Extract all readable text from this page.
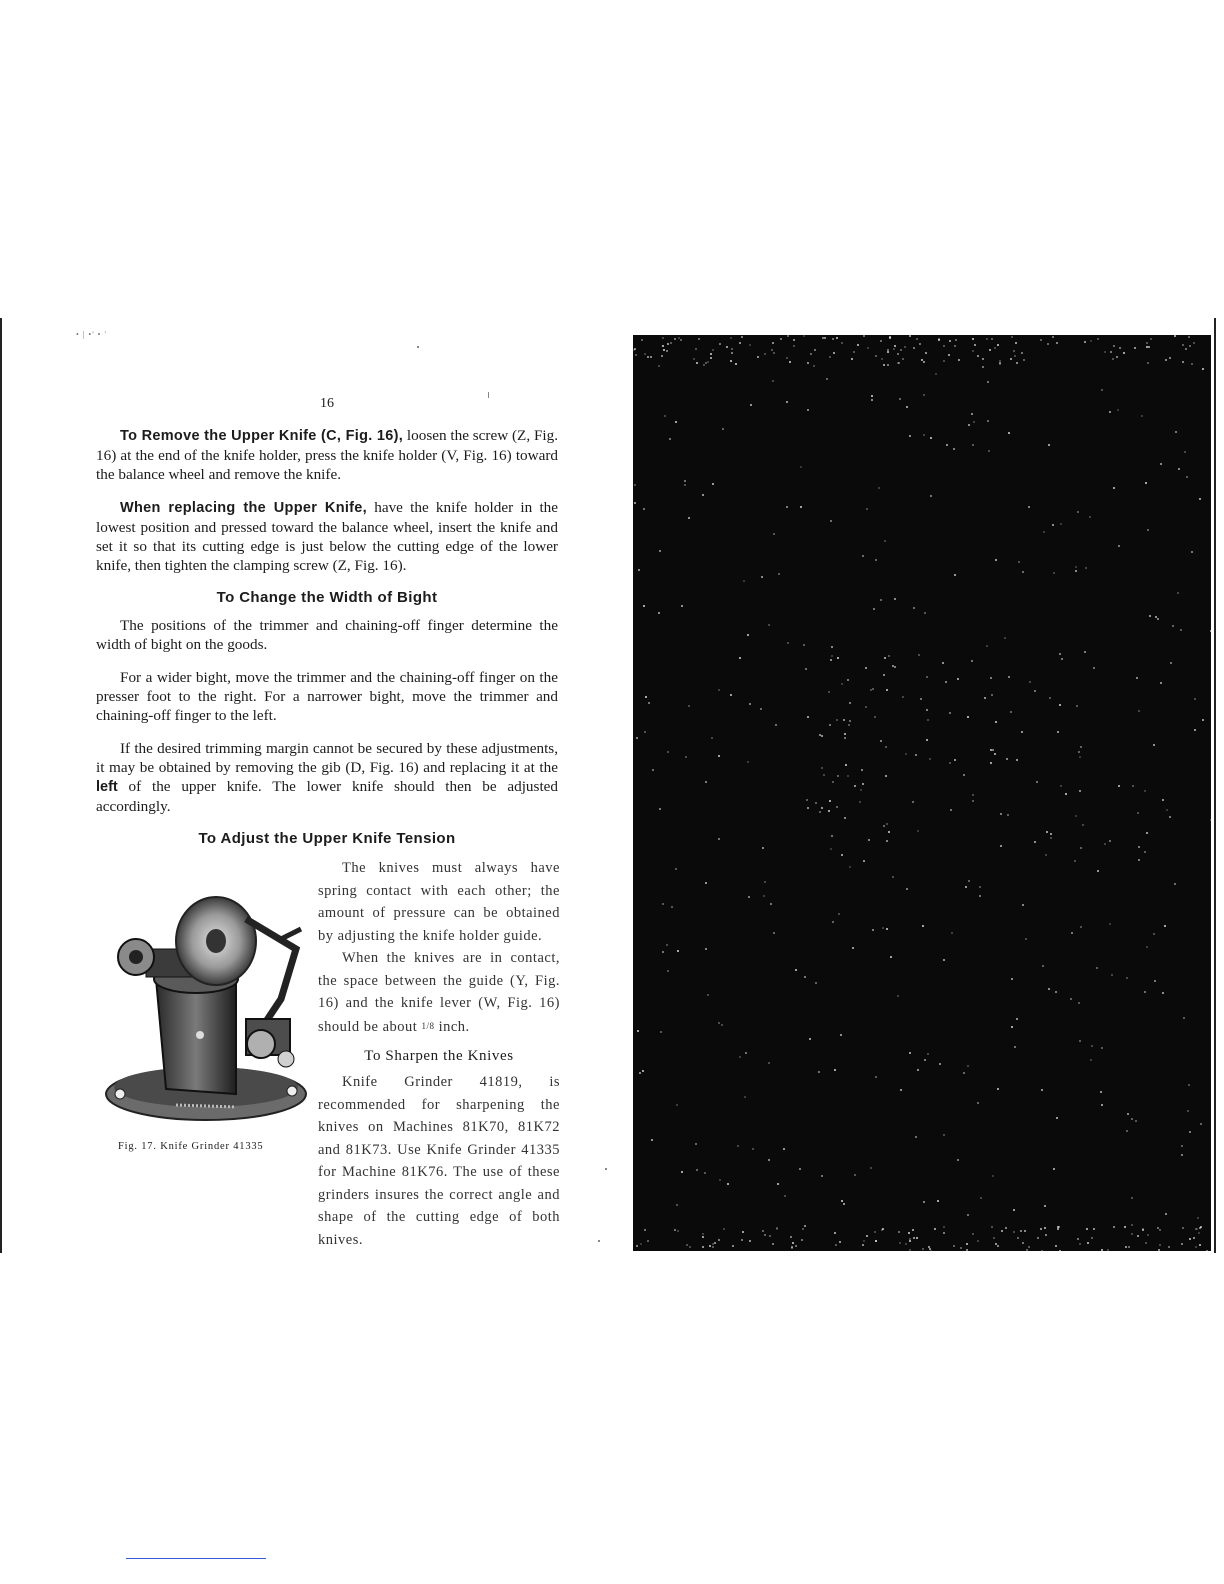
• | •' • '
16

To Remove the Upper Knife (C, Fig. 16), loosen the screw (Z, Fig. 16) at the end of the knife holder, press the knife holder (V, Fig. 16) toward the balance wheel and remove the knife.

When replacing the Upper Knife, have the knife holder in the lowest position and pressed toward the balance wheel, insert the knife and set it so that its cutting edge is just below the cutting edge of the lower knife, then tighten the clamping screw (Z, Fig. 16).

To Change the Width of Bight

The positions of the trimmer and chaining-off finger determine the width of bight on the goods.

For a wider bight, move the trimmer and the chaining-off finger on the presser foot to the right. For a narrower bight, move the trimmer and chaining-off finger to the left.

If the desired trimming margin cannot be secured by these adjustments, it may be obtained by removing the gib (D, Fig. 16) and replacing it at the left of the upper knife. The lower knife should then be adjusted accordingly.

To Adjust the Upper Knife Tension
Fig. 17. Knife Grinder 41335

The knives must always have spring contact with each other; the amount of pressure can be obtained by adjusting the knife holder guide.

When the knives are in contact, the space between the guide (Y, Fig. 16) and the knife lever (W, Fig. 16) should be about 1/8 inch.

To Sharpen the Knives

Knife Grinder 41819, is recommended for sharpening the knives on Machines 81K70, 81K72 and 81K73. Use Knife Grinder 41335 for Machine 81K76. The use of these grinders insures the correct angle and shape of the cutting edge of both knives.
